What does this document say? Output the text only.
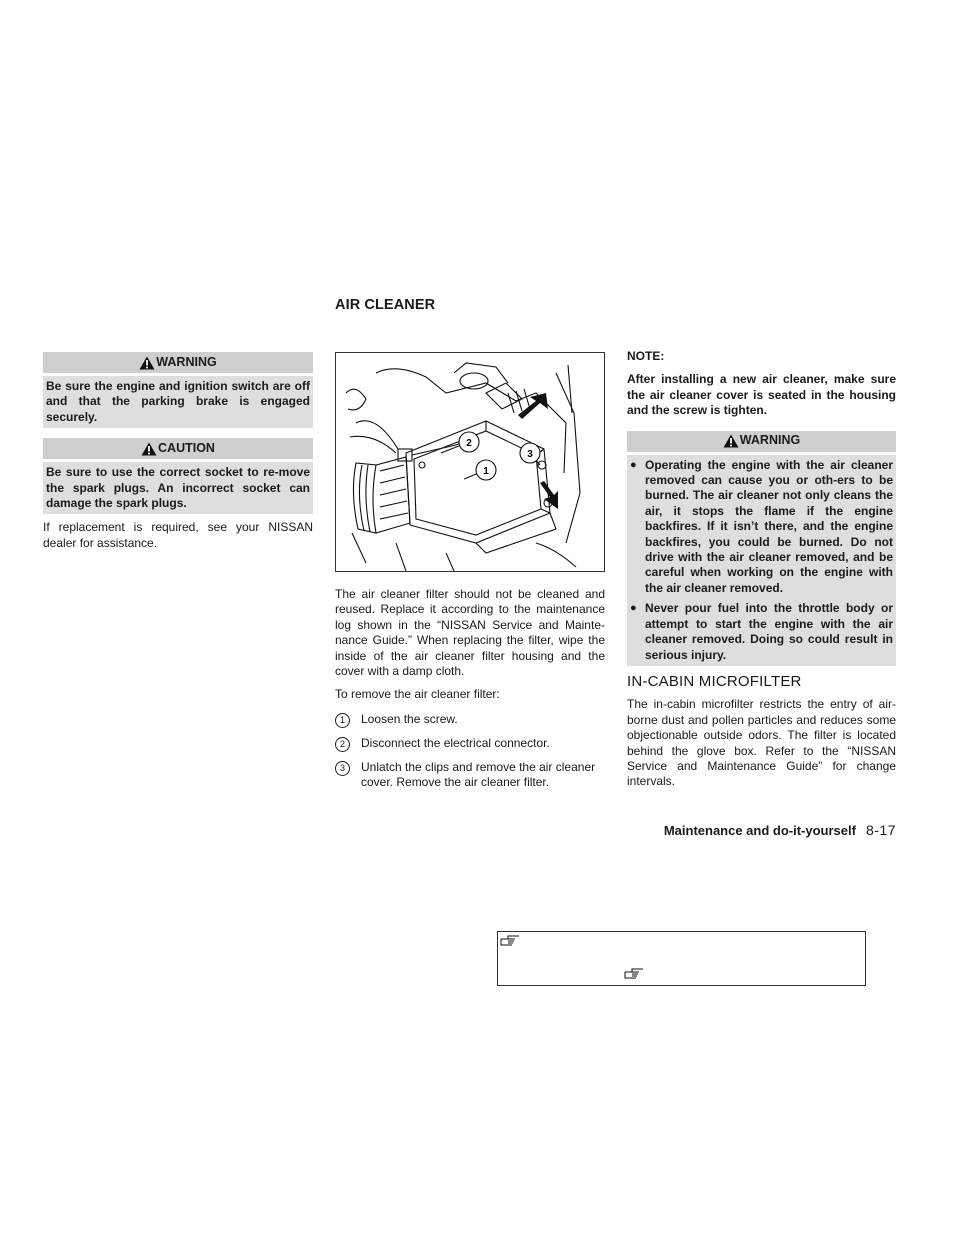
AIR CLEANER
WARNING
Be sure the engine and ignition switch are off and that the parking brake is engaged securely.
CAUTION
Be sure to use the correct socket to re-move the spark plugs. An incorrect socket can damage the spark plugs.

If replacement is required, see your NISSAN dealer for assistance.

2
1
3

The air cleaner filter should not be cleaned and reused. Replace it according to the maintenance log shown in the “NISSAN Service and Mainte-nance Guide.” When replacing the filter, wipe the inside of the air cleaner filter housing and the cover with a damp cloth.

To remove the air cleaner filter:

1	Loosen the screw.
2	Disconnect the electrical connector.
3	Unlatch the clips and remove the air cleaner cover. Remove the air cleaner filter.
NOTE:
After installing a new air cleaner, make sure the air cleaner cover is seated in the housing and the screw is tighten.
WARNING
● Operating the engine with the air cleaner removed can cause you or oth-ers to be burned. The air cleaner not only cleans the air, it stops the flame if the engine backfires. If it isn’t there, and the engine backfires, you could be burned. Do not drive with the air cleaner removed, and be careful when working on the engine with the air cleaner removed.
● Never pour fuel into the throttle body or attempt to start the engine with the air cleaner removed. Doing so could result in serious injury.
IN-CABIN MICROFILTER

The in-cabin microfilter restricts the entry of air-borne dust and pollen particles and reduces some objectionable outside odors. The filter is located behind the glove box. Refer to the “NISSAN Service and Maintenance Guide” for change intervals.

Maintenance and do-it-yourself 8-17
